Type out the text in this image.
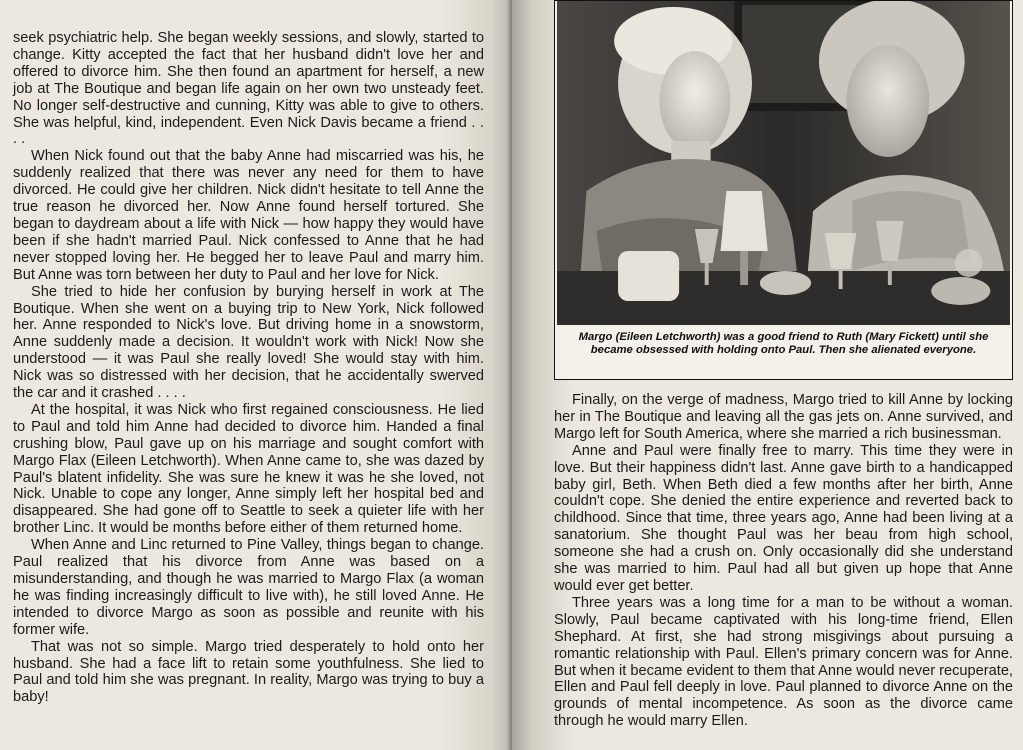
seek psychiatric help. She began weekly sessions, and slowly, started to change. Kitty accepted the fact that her husband didn't love her and offered to divorce him. She then found an apartment for herself, a new job at The Boutique and began life again on her own two unsteady feet. No longer self-destructive and cunning, Kitty was able to give to others. She was helpful, kind, independent. Even Nick Davis became a friend . . . .

When Nick found out that the baby Anne had miscarried was his, he suddenly realized that there was never any need for them to have divorced. He could give her children. Nick didn't hesitate to tell Anne the true reason he divorced her. Now Anne found herself tortured. She began to daydream about a life with Nick — how happy they would have been if she hadn't married Paul. Nick confessed to Anne that he had never stopped loving her. He begged her to leave Paul and marry him. But Anne was torn between her duty to Paul and her love for Nick.

She tried to hide her confusion by burying herself in work at The Boutique. When she went on a buying trip to New York, Nick followed her. Anne responded to Nick's love. But driving home in a snowstorm, Anne suddenly made a decision. It wouldn't work with Nick! Now she understood — it was Paul she really loved! She would stay with him. Nick was so distressed with her decision, that he accidentally swerved the car and it crashed . . . .

At the hospital, it was Nick who first regained consciousness. He lied to Paul and told him Anne had decided to divorce him. Handed a final crushing blow, Paul gave up on his marriage and sought comfort with Margo Flax (Eileen Letchworth). When Anne came to, she was dazed by Paul's blatent infidelity. She was sure he knew it was he she loved, not Nick. Unable to cope any longer, Anne simply left her hospital bed and disappeared. She had gone off to Seattle to seek a quieter life with her brother Linc. It would be months before either of them returned home.

When Anne and Linc returned to Pine Valley, things began to change. Paul realized that his divorce from Anne was based on a misunderstanding, and though he was married to Margo Flax (a woman he was finding increasingly difficult to live with), he still loved Anne. He intended to divorce Margo as soon as possible and reunite with his former wife.

That was not so simple. Margo tried desperately to hold onto her husband. She had a face lift to retain some youthfulness. She lied to Paul and told him she was pregnant. In reality, Margo was trying to buy a baby!

Margo (Eileen Letchworth) was a good friend to Ruth (Mary Fickett) until she became obsessed with holding onto Paul. Then she alienated everyone.

Finally, on the verge of madness, Margo tried to kill Anne by locking her in The Boutique and leaving all the gas jets on. Anne survived, and Margo left for South America, where she married a rich businessman.

Anne and Paul were finally free to marry. This time they were in love. But their happiness didn't last. Anne gave birth to a handicapped baby girl, Beth. When Beth died a few months after her birth, Anne couldn't cope. She denied the entire experience and reverted back to childhood. Since that time, three years ago, Anne had been living at a sanatorium. She thought Paul was her beau from high school, someone she had a crush on. Only occasionally did she understand she was married to him. Paul had all but given up hope that Anne would ever get better.

Three years was a long time for a man to be without a woman. Slowly, Paul became captivated with his long-time friend, Ellen Shephard. At first, she had strong misgivings about pursuing a romantic relationship with Paul. Ellen's primary concern was for Anne. But when it became evident to them that Anne would never recuperate, Ellen and Paul fell deeply in love. Paul planned to divorce Anne on the grounds of mental incompetence. As soon as the divorce came through he would marry Ellen.
